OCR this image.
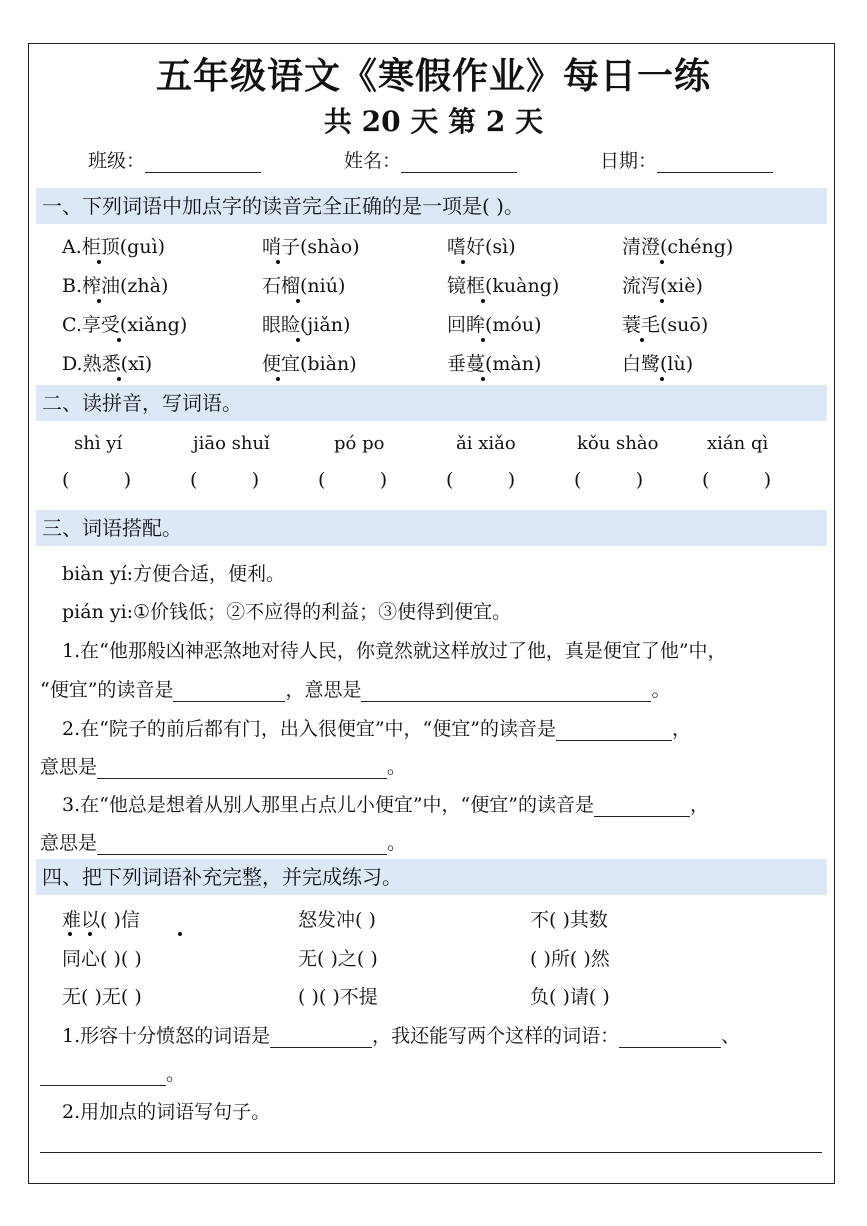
五年级语文《寒假作业》每日一练
共 20 天 第 2 天
班级：	姓名：	日期：
一、下列词语中加点字的读音完全正确的是一项是( )。
A.柜顶(guì)	哨子(shào)	嗜好(sì)	清澄(chéng)
B.榨油(zhà)	石榴(niú)	镜框(kuàng)	流泻(xiè)
C.享受(xiǎng)	眼睑(jiǎn)	回眸(móu)	蓑毛(suō)
D.熟悉(xī)	便宜(biàn)	垂蔓(màn)	白鹭(lù)
二、读拼音，写词语。
shì yí	jiāo shuǐ	pó po	ǎi xiǎo	kǒu shào	xián qì
(         )	(         )	(         )	(         )	(         )	(         )
三、词语搭配。
biàn yí:方便合适，便利。
pián yi:①价钱低；②不应得的利益；③使得到便宜。
1.在“他那般凶神恶煞地对待人民，你竟然就这样放过了他，真是便宜了他”中，
“便宜”的读音是	，意思是	。
2.在“院子的前后都有门，出入很便宜”中，“便宜”的读音是	，
意思是	。
3.在“他总是想着从别人那里占点儿小便宜”中，“便宜”的读音是	，
意思是	。
四、把下列词语补充完整，并完成练习。
难以( )信	怒发冲( )	不( )其数
同心( )( )	无( )之( )	( )所( )然
无( )无( )	( )( )不提	负( )请( )
1.形容十分愤怒的词语是	，我还能写两个这样的词语：	、
。
2.用加点的词语写句子。
